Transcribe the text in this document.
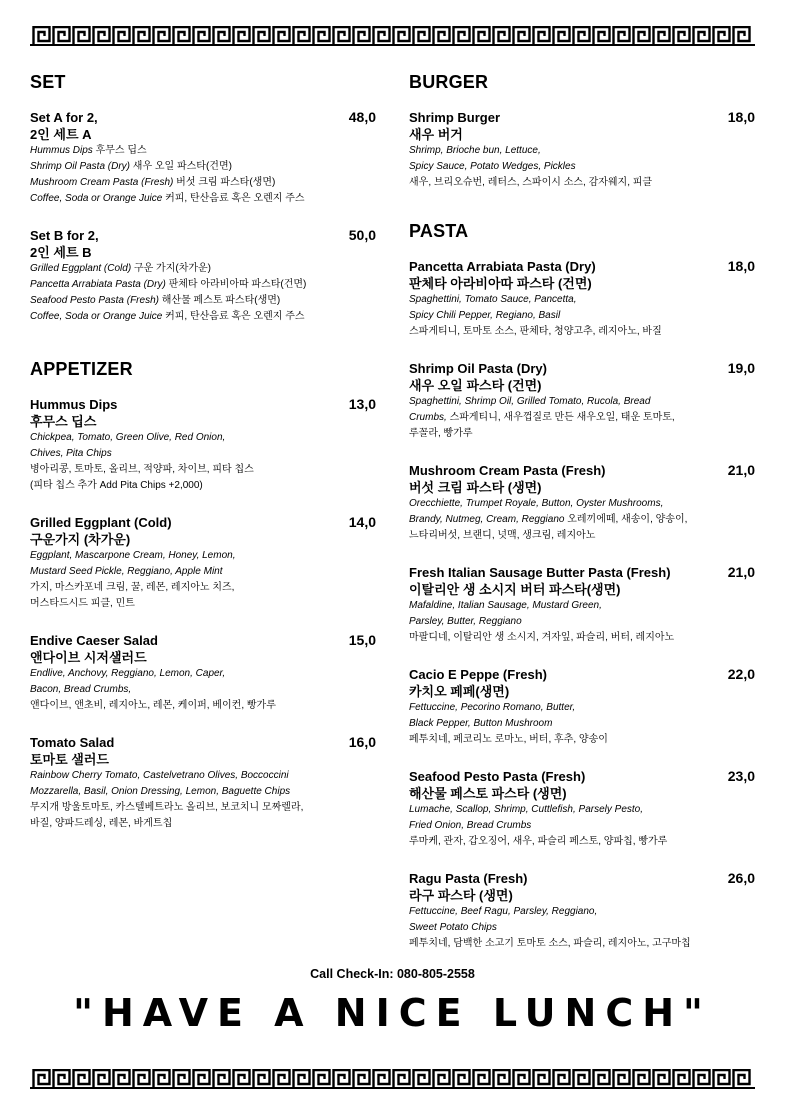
SET
48,0
Set A for 2,
2인 세트 A
Hummus Dips 후무스 딥스
Shrimp Oil Pasta (Dry) 새우 오일 파스타(건면)
Mushroom Cream Pasta (Fresh) 버섯 크림 파스타(생면)
Coffee, Soda or Orange Juice 커피, 탄산음료 혹은 오렌지 주스
50,0
Set B for 2,
2인 세트 B
Grilled Eggplant (Cold) 구운 가지(차가운)
Pancetta Arrabiata Pasta (Dry) 판체타 아라비아따 파스타(건면)
Seafood Pesto Pasta (Fresh) 해산물 페스토 파스타(생면)
Coffee, Soda or Orange Juice 커피, 탄산음료 혹은 오렌지 주스
APPETIZER
13,0
Hummus Dips
후무스 딥스
Chickpea, Tomato, Green Olive, Red Onion,
Chives, Pita Chips
병아리콩, 토마토, 올리브, 적양파, 차이브, 피타 칩스
(피타 칩스 추가 Add Pita Chips +2,000)
14,0
Grilled Eggplant (Cold)
구운가지 (차가운)
Eggplant, Mascarpone Cream, Honey, Lemon,
Mustard Seed Pickle, Reggiano, Apple Mint
가지, 마스카포네 크림, 꿀, 레몬, 레지아노 치즈,
머스타드시드 피클, 민트
15,0
Endive Caeser Salad
앤다이브 시저샐러드
Endlive, Anchovy, Reggiano, Lemon, Caper,
Bacon, Bread Crumbs,
앤다이브, 앤초비, 레지아노, 레몬, 케이퍼, 베이컨, 빵가루
16,0
Tomato Salad
토마토 샐러드
Rainbow Cherry Tomato, Castelvetrano Olives, Boccoccini
Mozzarella, Basil, Onion Dressing, Lemon, Baguette Chips
무지개 방울토마토, 카스텔베트라노 올리브, 보코치니 모짜렐라,
바질, 양파드레싱, 레몬, 바게트칩
BURGER
18,0
Shrimp Burger
새우 버거
Shrimp, Brioche bun, Lettuce,
Spicy Sauce, Potato Wedges, Pickles
새우, 브리오슈번, 레터스, 스파이시 소스, 감자웨지, 피클
PASTA
18,0
Pancetta Arrabiata Pasta (Dry)
판체타 아라비아따 파스타 (건면)
Spaghettini, Tomato Sauce, Pancetta,
Spicy Chili Pepper, Regiano, Basil
스파게티니, 토마토 소스, 판체타, 청양고추, 레지아노, 바질
19,0
Shrimp Oil Pasta (Dry)
새우 오일 파스타 (건면)
Spaghettini, Shrimp Oil, Grilled Tomato, Rucola, Bread
Crumbs, 스파게티니, 새우껍질로 만든 새우오일, 태운 토마토,
루꼴라, 빵가루
21,0
Mushroom Cream Pasta (Fresh)
버섯 크림 파스타 (생면)
Orecchiette, Trumpet Royale, Button, Oyster Mushrooms,
Brandy, Nutmeg, Cream, Reggiano 오레끼에떼, 새송이, 양송이,
느타리버섯, 브랜디, 넛맥, 생크림, 레지아노
21,0
Fresh Italian Sausage Butter Pasta (Fresh)
이탈리안 생 소시지 버터 파스타(생면)
Mafaldine, Italian Sausage, Mustard Green,
Parsley, Butter, Reggiano
마팔디네, 이탈리안 생 소시지, 겨자잎, 파슬리, 버터, 레지아노
22,0
Cacio E Peppe (Fresh)
카치오 페페(생면)
Fettuccine, Pecorino Romano, Butter,
Black Pepper, Button Mushroom
페투치네, 페코리노 로마노, 버터, 후추, 양송이
23,0
Seafood Pesto Pasta (Fresh)
해산물 페스토 파스타 (생면)
Lumache, Scallop, Shrimp, Cuttlefish, Parsely Pesto,
Fried Onion, Bread Crumbs
루마케, 관자, 갑오징어, 새우, 파슬리 페스토, 양파칩, 빵가루
26,0
Ragu Pasta (Fresh)
라구 파스타 (생면)
Fettuccine, Beef Ragu, Parsley, Reggiano,
Sweet Potato Chips
페투치네, 담백한 소고기 토마토 소스, 파슬리, 레지아노, 고구마칩
Call Check-In: 080-805-2558
"HAVE A NICE LUNCH"
